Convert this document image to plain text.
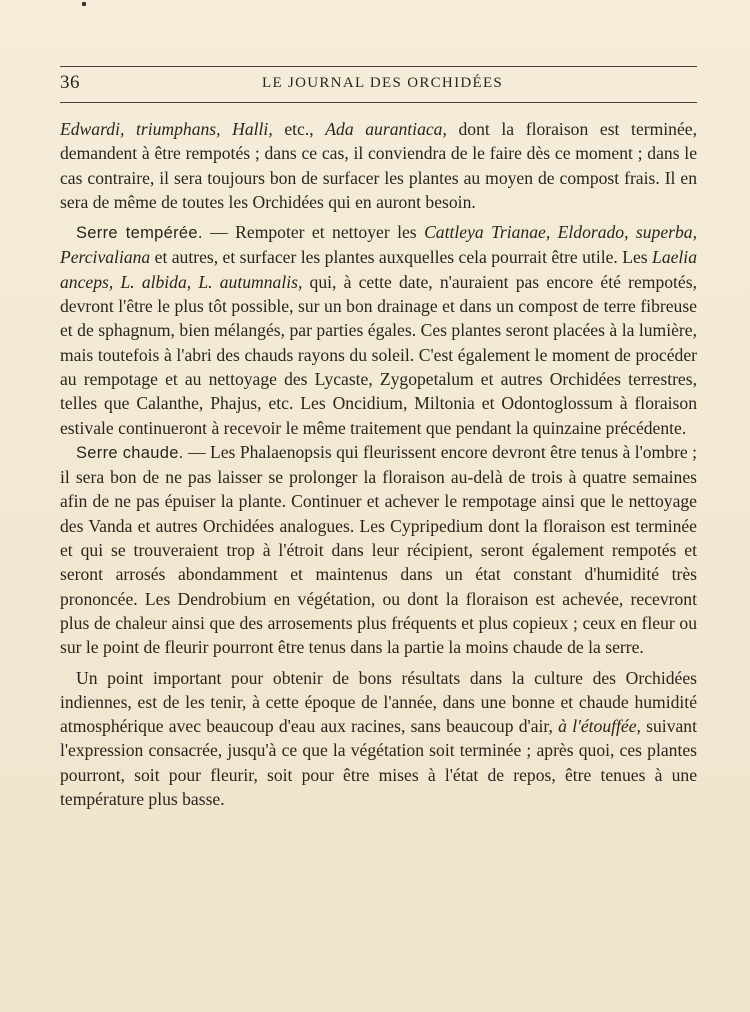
36	LE JOURNAL DES ORCHIDÉES

Edwardi, triumphans, Halli, etc., Ada aurantiaca, dont la floraison est terminée, demandent à être rempotés ; dans ce cas, il conviendra de le faire dès ce moment ; dans le cas contraire, il sera toujours bon de surfacer les plantes au moyen de compost frais. Il en sera de même de toutes les Orchidées qui en auront besoin.

Serre tempérée. — Rempoter et nettoyer les Cattleya Trianae, Eldorado, superba, Percivaliana et autres, et surfacer les plantes auxquelles cela pourrait être utile. Les Laelia anceps, L. albida, L. autumnalis, qui, à cette date, n'auraient pas encore été rempotés, devront l'être le plus tôt possible, sur un bon drainage et dans un compost de terre fibreuse et de sphagnum, bien mélangés, par parties égales. Ces plantes seront placées à la lumière, mais toutefois à l'abri des chauds rayons du soleil. C'est également le moment de procéder au rempotage et au nettoyage des Lycaste, Zygopetalum et autres Orchidées terrestres, telles que Calanthe, Phajus, etc. Les Oncidium, Miltonia et Odontoglossum à floraison estivale continueront à recevoir le même traitement que pendant la quinzaine précédente.

Serre chaude. — Les Phalaenopsis qui fleurissent encore devront être tenus à l'ombre ; il sera bon de ne pas laisser se prolonger la floraison au-delà de trois à quatre semaines afin de ne pas épuiser la plante. Continuer et achever le rempotage ainsi que le nettoyage des Vanda et autres Orchidées analogues. Les Cypripedium dont la floraison est terminée et qui se trouveraient trop à l'étroit dans leur récipient, seront également rempotés et seront arrosés abondamment et maintenus dans un état constant d'humidité très prononcée. Les Dendrobium en végétation, ou dont la floraison est achevée, recevront plus de chaleur ainsi que des arrosements plus fréquents et plus copieux ; ceux en fleur ou sur le point de fleurir pourront être tenus dans la partie la moins chaude de la serre.

Un point important pour obtenir de bons résultats dans la culture des Orchidées indiennes, est de les tenir, à cette époque de l'année, dans une bonne et chaude humidité atmosphérique avec beaucoup d'eau aux racines, sans beaucoup d'air, à l'étouffée, suivant l'expression consacrée, jusqu'à ce que la végétation soit terminée ; après quoi, ces plantes pourront, soit pour fleurir, soit pour être mises à l'état de repos, être tenues à une température plus basse.
